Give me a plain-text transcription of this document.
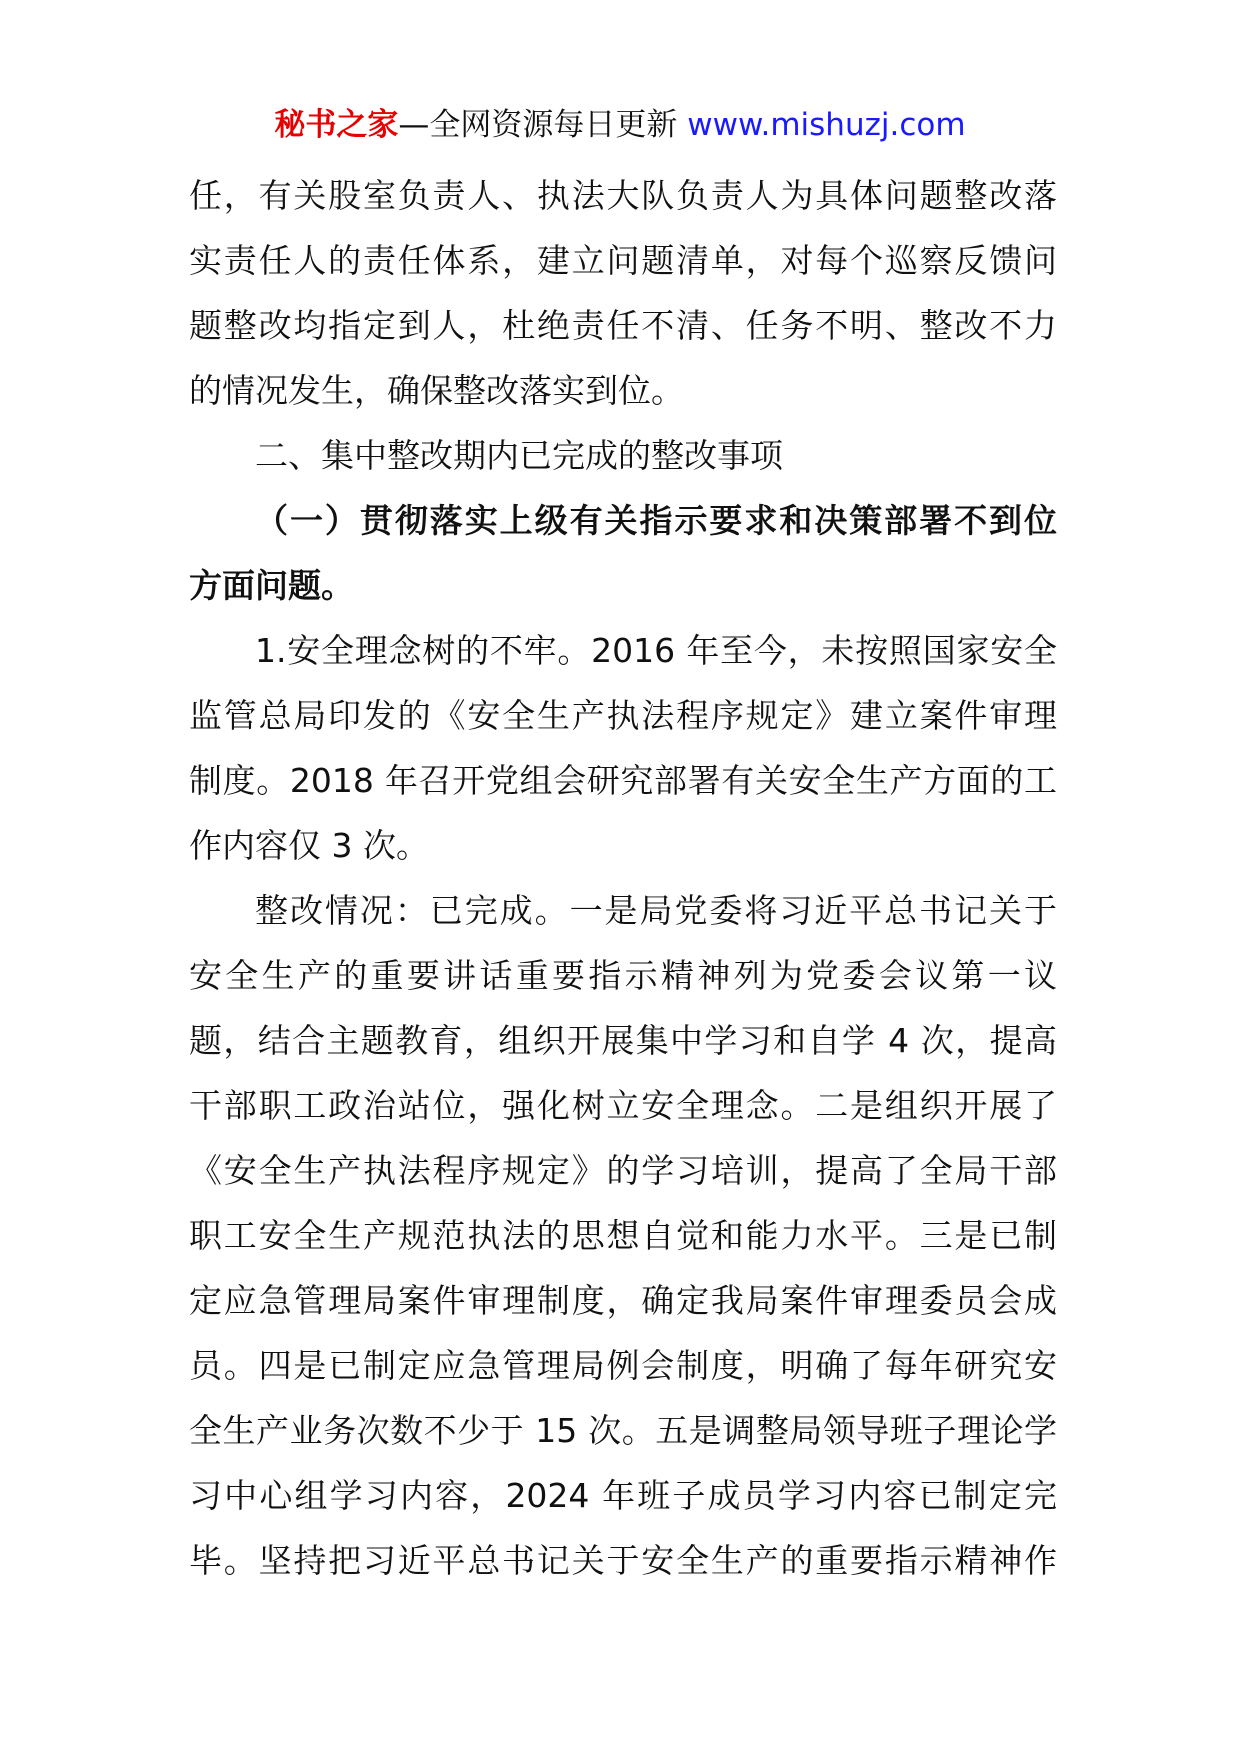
秘书之家—全网资源每日更新 www.mishuzj.com
任，有关股室负责人、执法大队负责人为具体问题整改落
实责任人的责任体系，建立问题清单，对每个巡察反馈问
题整改均指定到人，杜绝责任不清、任务不明、整改不力
的情况发生，确保整改落实到位。
二、集中整改期内已完成的整改事项
（一）贯彻落实上级有关指示要求和决策部署不到位
方面问题。
1.安全理念树的不牢。2016 年至今，未按照国家安全
监管总局印发的《安全生产执法程序规定》建立案件审理
制度。2018 年召开党组会研究部署有关安全生产方面的工
作内容仅 3 次。
整改情况：已完成。一是局党委将习近平总书记关于
安全生产的重要讲话重要指示精神列为党委会议第一议
题，结合主题教育，组织开展集中学习和自学 4 次，提高
干部职工政治站位，强化树立安全理念。二是组织开展了
《安全生产执法程序规定》的学习培训，提高了全局干部
职工安全生产规范执法的思想自觉和能力水平。三是已制
定应急管理局案件审理制度，确定我局案件审理委员会成
员。四是已制定应急管理局例会制度，明确了每年研究安
全生产业务次数不少于 15 次。五是调整局领导班子理论学
习中心组学习内容，2024 年班子成员学习内容已制定完
毕。坚持把习近平总书记关于安全生产的重要指示精神作
